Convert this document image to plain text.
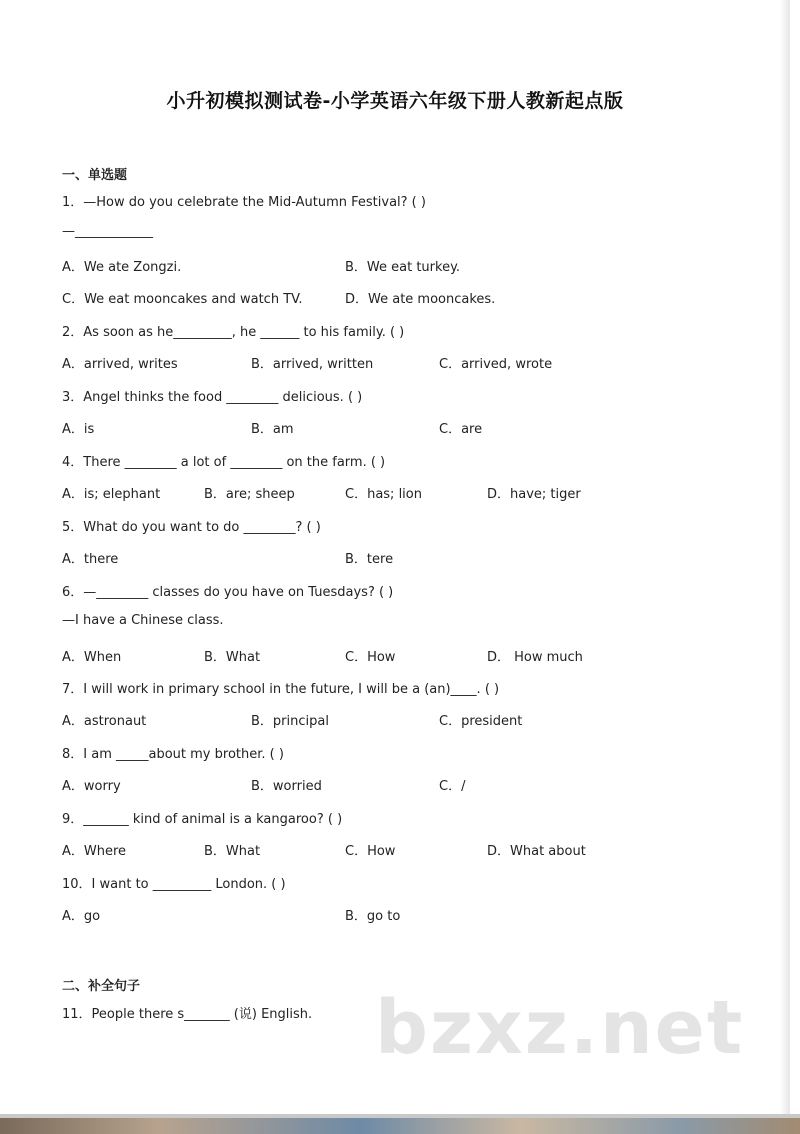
小升初模拟测试卷-小学英语六年级下册人教新起点版
一、单选题
1．—How do you celebrate the Mid-Autumn Festival? ( )
—____________
A．We ate Zongzi.	B．We eat turkey.
C．We eat mooncakes and watch TV.	D．We ate mooncakes.
2．As soon as he_________, he ______ to his family. ( )
A．arrived, writes	B．arrived, written	C．arrived, wrote
3．Angel thinks the food ________ delicious. ( )
A．is	B．am	C．are
4．There ________ a lot of ________ on the farm. ( )
A．is; elephant	B．are; sheep	C．has; lion	D．have; tiger
5．What do you want to do ________? ( )
A．there	B．tere
6．—________ classes do you have on Tuesdays? ( )
—I have a Chinese class.
A．When	B．What	C．How	D． How much
7．I will work in primary school in the future, I will be a (an)____. ( )
A．astronaut	B．principal	C．president
8．I am _____about my brother. ( )
A．worry	B．worried	C．/
9．_______ kind of animal is a kangaroo? ( )
A．Where	B．What	C．How	D．What about
10．I want to _________ London. ( )
A．go	B．go to
二、补全句子
11．People there s_______ (说) English. bzxz.net
